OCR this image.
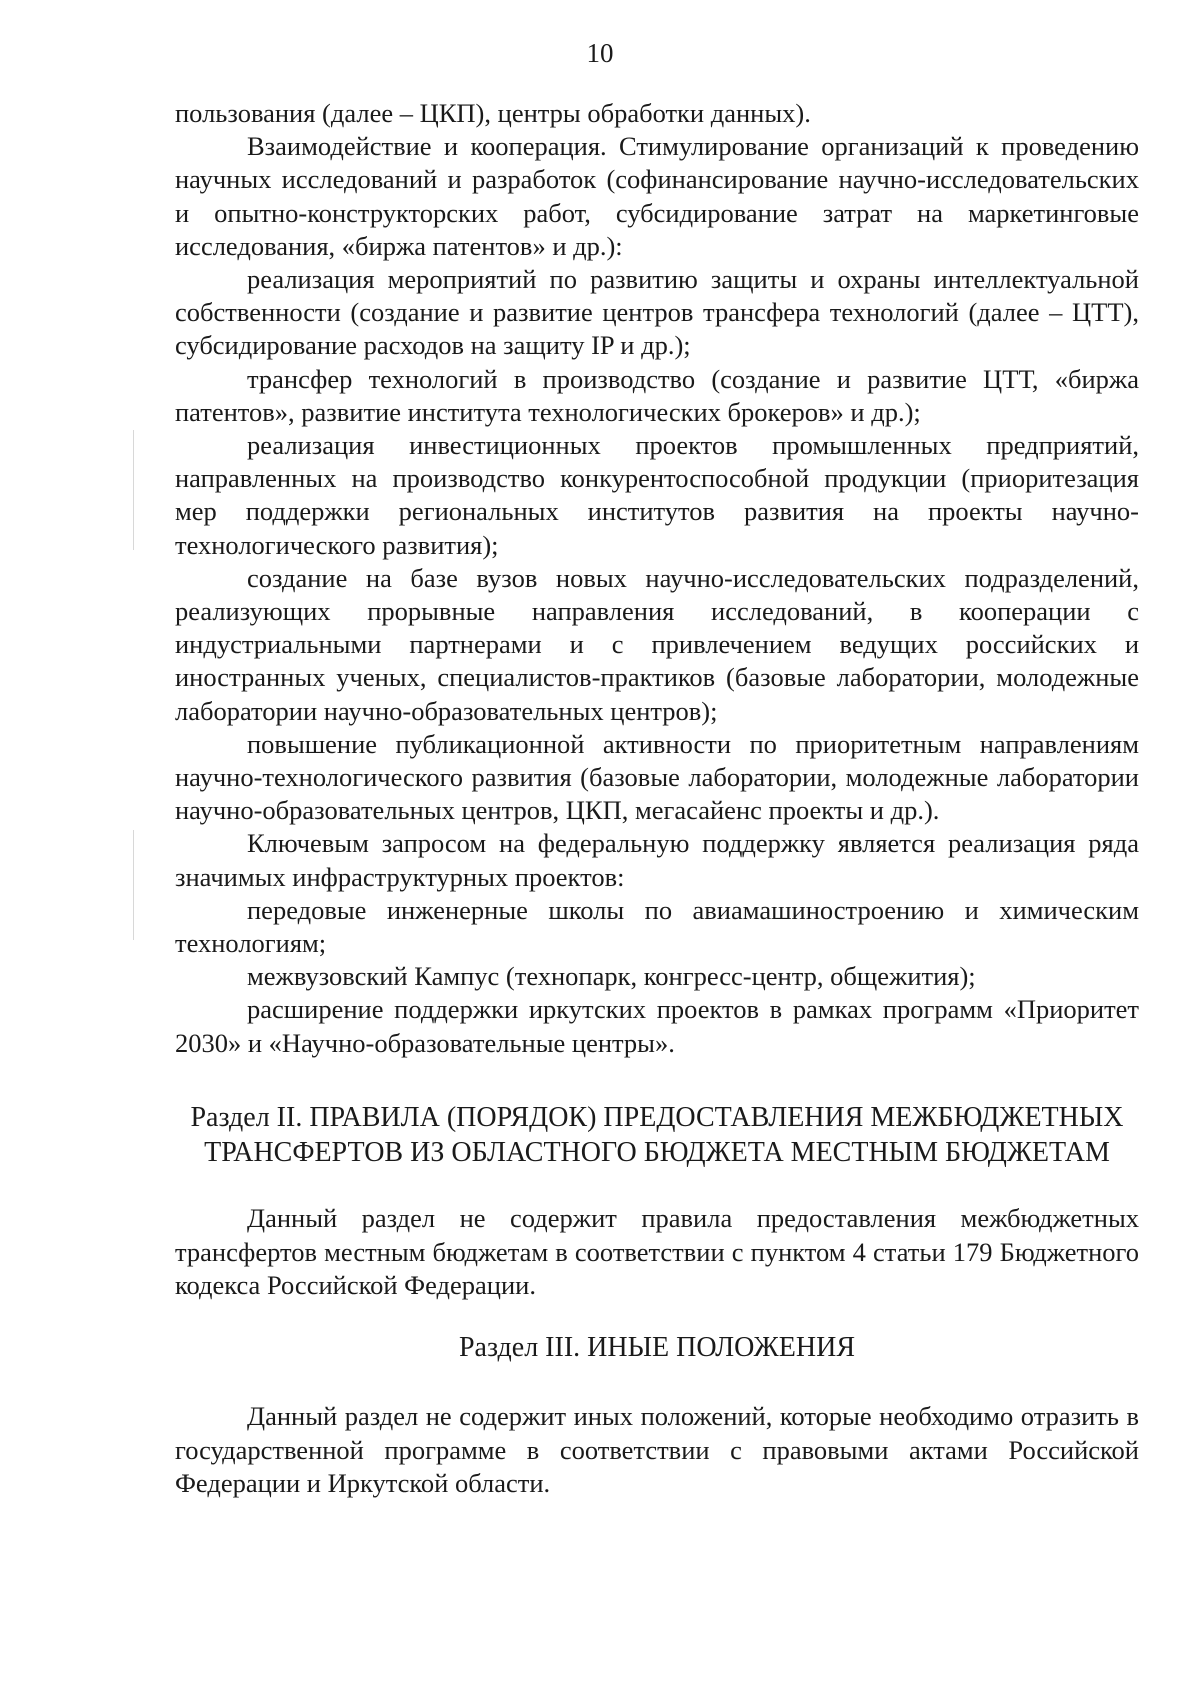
10

пользования (далее – ЦКП), центры обработки данных).

Взаимодействие и кооперация. Стимулирование организаций к проведению научных исследований и разработок (софинансирование научно-исследовательских и опытно-конструкторских работ, субсидирование затрат на маркетинговые исследования, «биржа патентов» и др.):

реализация мероприятий по развитию защиты и охраны интеллектуальной собственности (создание и развитие центров трансфера технологий (далее – ЦТТ), субсидирование расходов на защиту IP и др.);

трансфер технологий в производство (создание и развитие ЦТТ, «биржа патентов», развитие института технологических брокеров» и др.);

реализация инвестиционных проектов промышленных предприятий, направленных на производство конкурентоспособной продукции (приоритезация мер поддержки региональных институтов развития на проекты научно-технологического развития);

создание на базе вузов новых научно-исследовательских подразделений, реализующих прорывные направления исследований, в кооперации с индустриальными партнерами и с привлечением ведущих российских и иностранных ученых, специалистов-практиков (базовые лаборатории, молодежные лаборатории научно-образовательных центров);

повышение публикационной активности по приоритетным направлениям научно-технологического развития (базовые лаборатории, молодежные лаборатории научно-образовательных центров, ЦКП, мегасайенс проекты и др.).

Ключевым запросом на федеральную поддержку является реализация ряда значимых инфраструктурных проектов:

передовые инженерные школы по авиамашиностроению и химическим технологиям;

межвузовский Кампус (технопарк, конгресс-центр, общежития);

расширение поддержки иркутских проектов в рамках программ «Приоритет 2030» и «Научно-образовательные центры».

Раздел II. ПРАВИЛА (ПОРЯДОК) ПРЕДОСТАВЛЕНИЯ МЕЖБЮДЖЕТНЫХ

ТРАНСФЕРТОВ ИЗ ОБЛАСТНОГО БЮДЖЕТА МЕСТНЫМ БЮДЖЕТАМ

Данный раздел не содержит правила предоставления межбюджетных трансфертов местным бюджетам в соответствии с пунктом 4 статьи 179 Бюджетного кодекса Российской Федерации.

Раздел III. ИНЫЕ ПОЛОЖЕНИЯ

Данный раздел не содержит иных положений, которые необходимо отразить в государственной программе в соответствии с правовыми актами Российской Федерации и Иркутской области.
